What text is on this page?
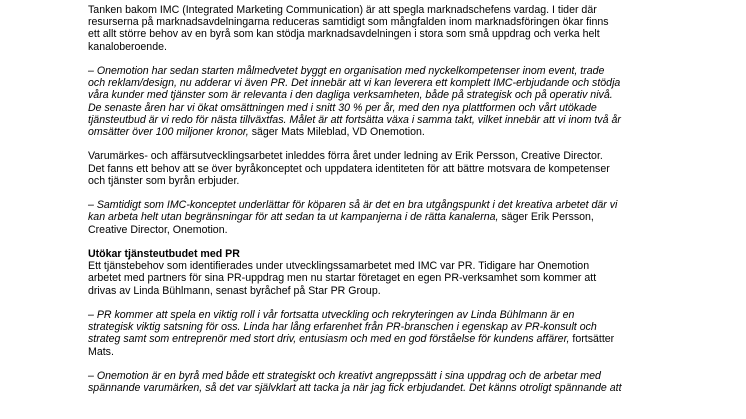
Tanken bakom IMC (Integrated Marketing Communication) är att spegla marknadschefens vardag. I tider där
resurserna på marknadsavdelningarna reduceras samtidigt som mångfalden inom marknadsföringen ökar finns
ett allt större behov av en byrå som kan stödja marknadsavdelningen i stora som små uppdrag och verka helt
kanaloberoende.

– Onemotion har sedan starten målmedvetet byggt en organisation med nyckelkompetenser inom event, trade
och reklam/design, nu adderar vi även PR. Det innebär att vi kan leverera ett komplett IMC-erbjudande och stödja
våra kunder med tjänster som är relevanta i den dagliga verksamheten, både på strategisk och på operativ nivå.
De senaste åren har vi ökat omsättningen med i snitt 30 % per år, med den nya plattformen och vårt utökade
tjänsteutbud är vi redo för nästa tillväxtfas. Målet är att fortsätta växa i samma takt, vilket innebär att vi inom två år
omsätter över 100 miljoner kronor, säger Mats Mileblad, VD Onemotion.

Varumärkes- och affärsutvecklingsarbetet inleddes förra året under ledning av Erik Persson, Creative Director.
Det fanns ett behov att se över byråkonceptet och uppdatera identiteten för att bättre motsvara de kompetenser
och tjänster som byrån erbjuder.

– Samtidigt som IMC-konceptet underlättar för köparen så är det en bra utgångspunkt i det kreativa arbetet där vi
kan arbeta helt utan begränsningar för att sedan ta ut kampanjerna i de rätta kanalerna, säger Erik Persson,
Creative Director, Onemotion.

Utökar tjänsteutbudet med PR

Ett tjänstebehov som identifierades under utvecklingssamarbetet med IMC var PR. Tidigare har Onemotion
arbetet med partners för sina PR-uppdrag men nu startar företaget en egen PR-verksamhet som kommer att
drivas av Linda Bühlmann, senast byråchef på Star PR Group.

– PR kommer att spela en viktig roll i vår fortsatta utveckling och rekryteringen av Linda Bühlmann är en
strategisk viktig satsning för oss. Linda har lång erfarenhet från PR-branschen i egenskap av PR-konsult och
strateg samt som entreprenör med stort driv, entusiasm och med en god förståelse för kundens affärer, fortsätter
Mats.

– Onemotion är en byrå med både ett strategiskt och kreativt angreppssätt i sina uppdrag och de arbetar med
spännande varumärken, så det var självklart att tacka ja när jag fick erbjudandet. Det känns otroligt spännande att
